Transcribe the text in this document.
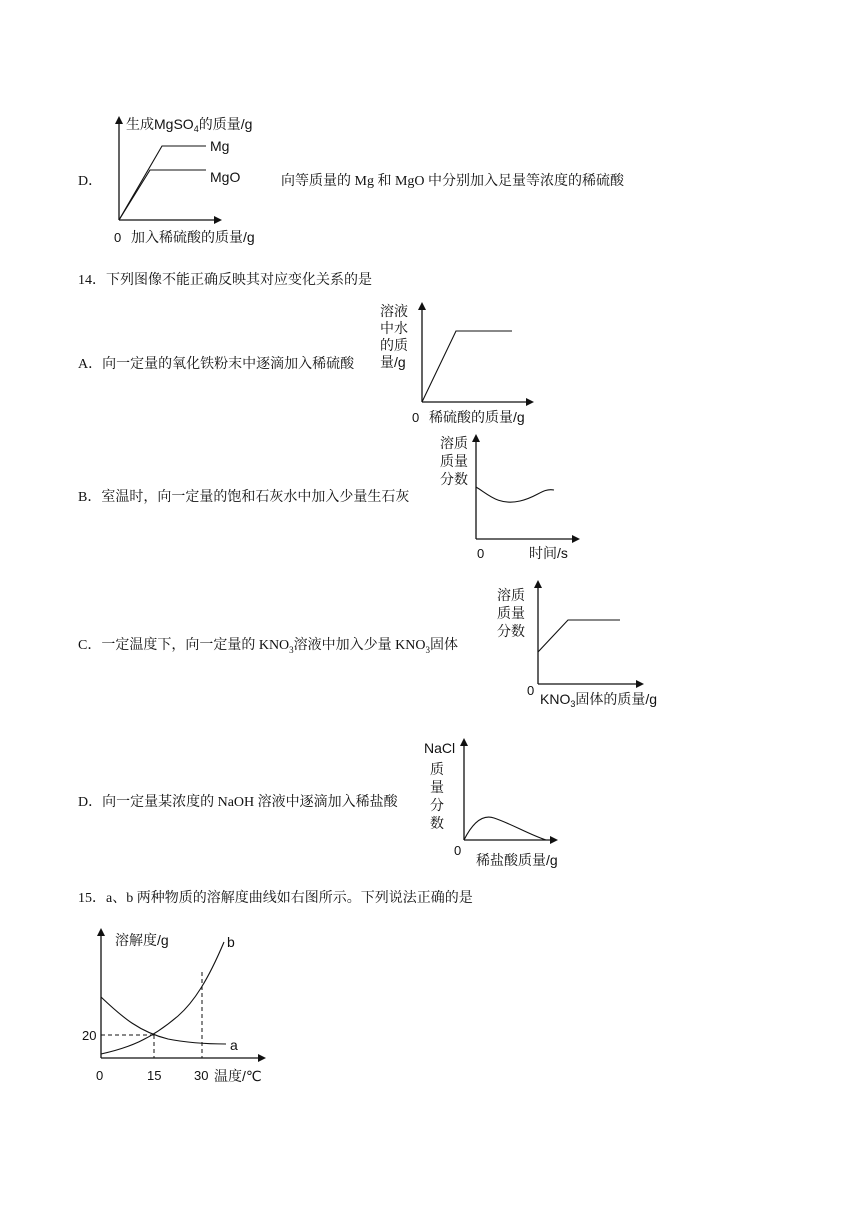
D．	向等质量的 Mg 和 MgO 中分别加入足量等浓度的稀硫酸
生成MgSO$_4$的质量/g
Mg
MgO
0 加入稀硫酸的质量/g
14．下列图像不能正确反映其对应变化关系的是
A．向一定量的氧化铁粉末中逐滴加入稀硫酸
溶液
中水
的质
量/g
0 稀硫酸的质量/g
B．室温时，向一定量的饱和石灰水中加入少量生石灰
溶质
质量
分数
0	时间/s
C．一定温度下，向一定量的 $KNO_3$溶液中加入少量 $KNO_3$固体
溶质
质量
分数
0
$KNO_3$固体的质量/g
D．向一定量某浓度的 NaOH 溶液中逐滴加入稀盐酸
NaCl
质
量
分
数
0
稀盐酸质量/g
15．a、b 两种物质的溶解度曲线如右图所示。下列说法正确的是
溶解度/g	b
a
20
0	15	30 温度/℃
